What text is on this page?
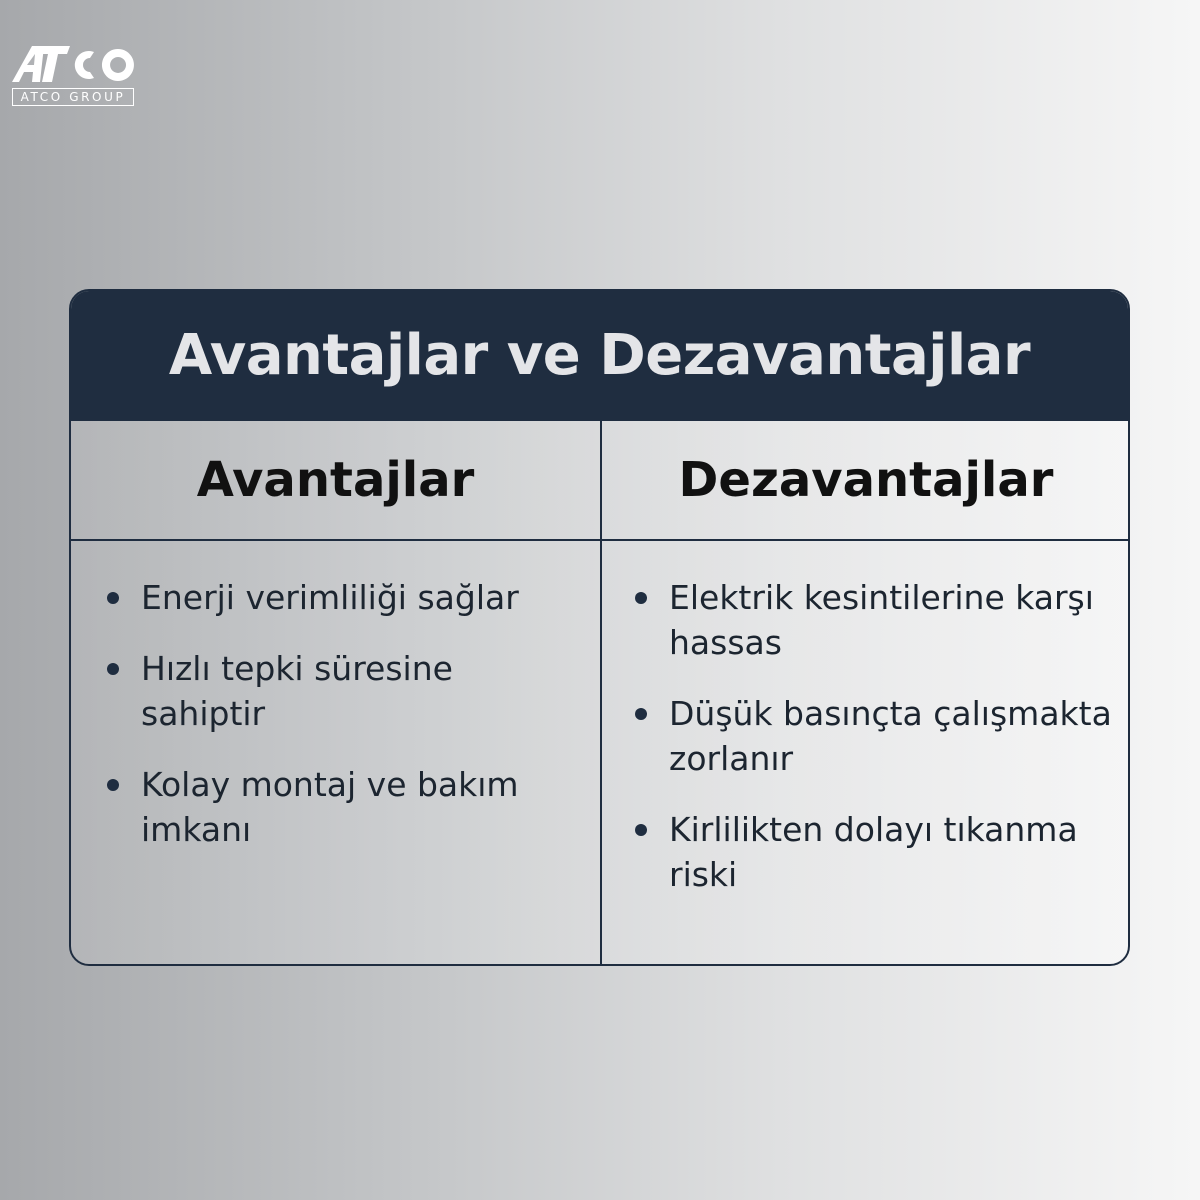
ATCO GROUP
Avantajlar ve Dezavantajlar
Avantajlar	Dezavantajlar
Enerji verimliliği sağlar
Hızlı tepki süresine sahiptir
Kolay montaj ve bakım imkanı
Elektrik kesintilerine karşı hassas
Düşük basınçta çalışmakta zorlanır
Kirlilikten dolayı tıkanma riski
